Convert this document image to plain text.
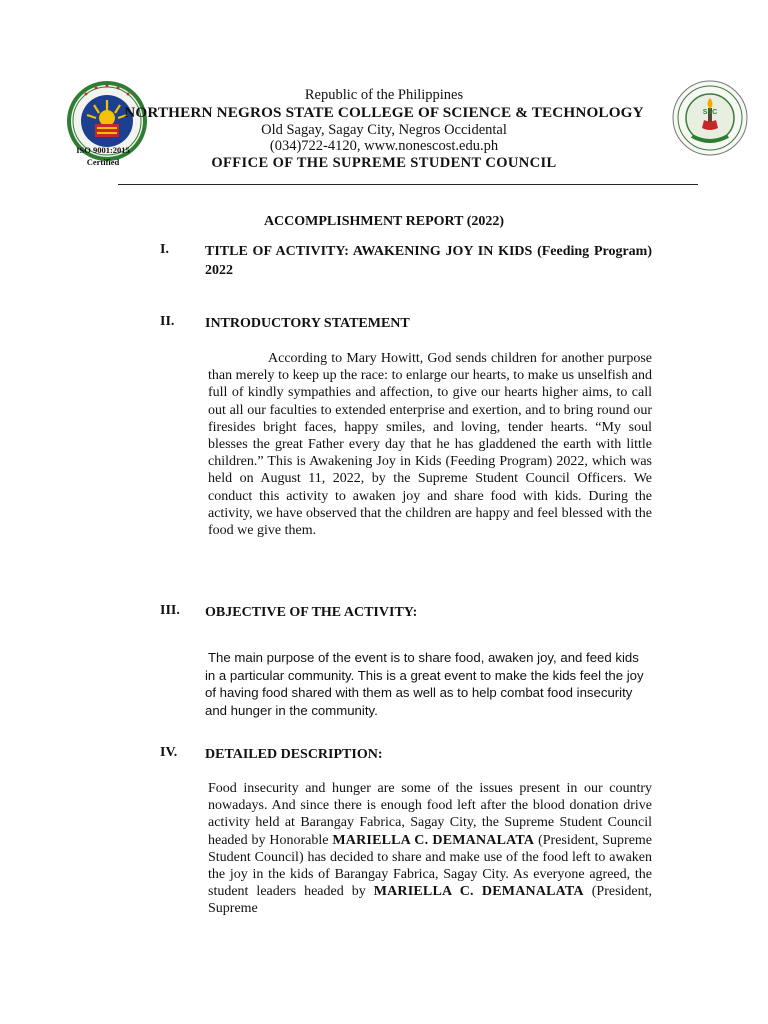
ISO 9001:2015
Certified
Republic of the Philippines
NORTHERN NEGROS STATE COLLEGE OF SCIENCE & TECHNOLOGY
Old Sagay, Sagay City, Negros Occidental
(034)722-4120, www.nonescost.edu.ph
OFFICE OF THE SUPREME STUDENT COUNCIL
SSC
ACCOMPLISHMENT REPORT (2022)
I.	TITLE OF ACTIVITY: AWAKENING JOY IN KIDS (Feeding Program) 2022
II. INTRODUCTORY STATEMENT

According to Mary Howitt, God sends children for another purpose than merely to keep up the race: to enlarge our hearts, to make us unselfish and full of kindly sympathies and affection, to give our hearts higher aims, to call out all our faculties to extended enterprise and exertion, and to bring round our firesides bright faces, happy smiles, and loving, tender hearts. “My soul blesses the great Father every day that he has gladdened the earth with little children.” This is Awakening Joy in Kids (Feeding Program) 2022, which was held on August 11, 2022, by the Supreme Student Council Officers. We conduct this activity to awaken joy and share food with kids. During the activity, we have observed that the children are happy and feel blessed with the food we give them.

III. OBJECTIVE OF THE ACTIVITY:

The main purpose of the event is to share food, awaken joy, and feed kids in a particular community. This is a great event to make the kids feel the joy of having food shared with them as well as to help combat food insecurity and hunger in the community.

IV. DETAILED DESCRIPTION:

Food insecurity and hunger are some of the issues present in our country nowadays. And since there is enough food left after the blood donation drive activity held at Barangay Fabrica, Sagay City, the Supreme Student Council headed by Honorable MARIELLA C. DEMANALATA (President, Supreme Student Council) has decided to share and make use of the food left to awaken the joy in the kids of Barangay Fabrica, Sagay City. As everyone agreed, the student leaders headed by MARIELLA C. DEMANALATA (President, Supreme
